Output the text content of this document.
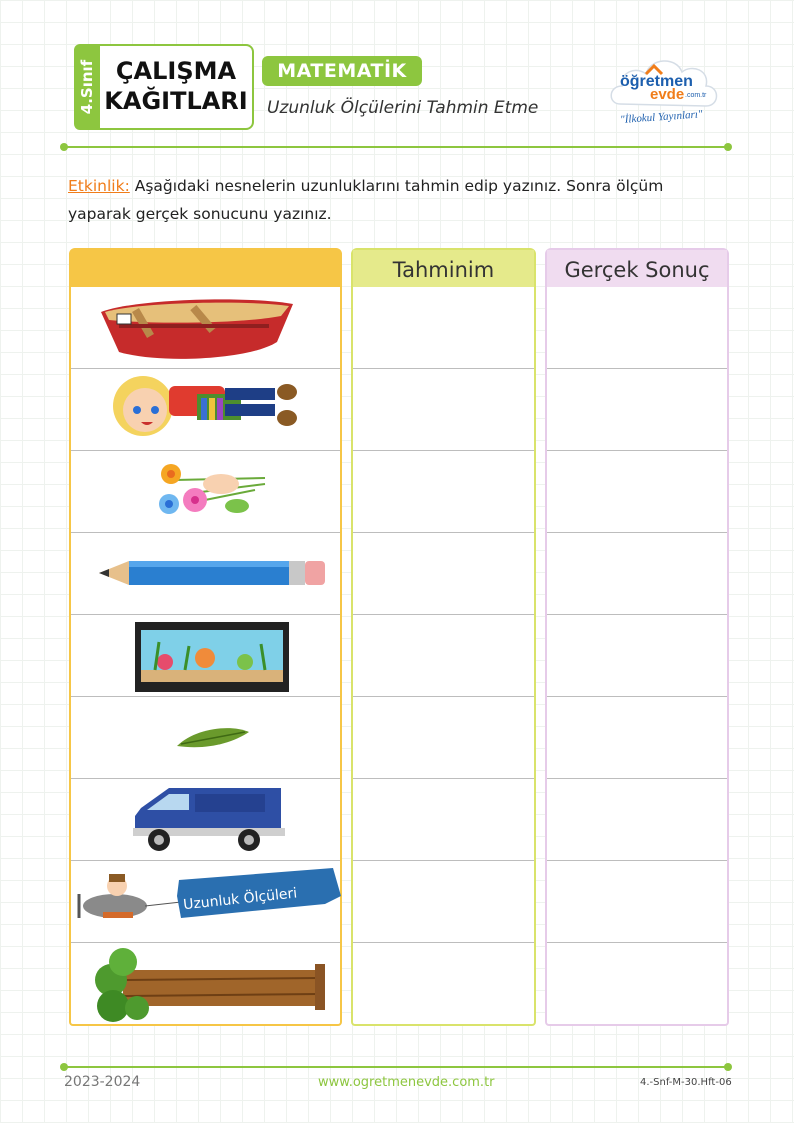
4.Sınıf ÇALIŞMA
KAĞITLARI
MATEMATİK
Uzunluk Ölçülerini Tahmin Etme
öğretmen
evde .com.tr
"İlkokul Yayınları"
Etkinlik: Aşağıdaki nesnelerin uzunluklarını tahmin edip yazınız. Sonra ölçüm yaparak gerçek sonucunu yazınız.
Uzunluk Ölçüleri
Tahminim	Gerçek Sonuç
2023-2024	www.ogretmenevde.com.tr	4.-Snf-M-30.Hft-06
